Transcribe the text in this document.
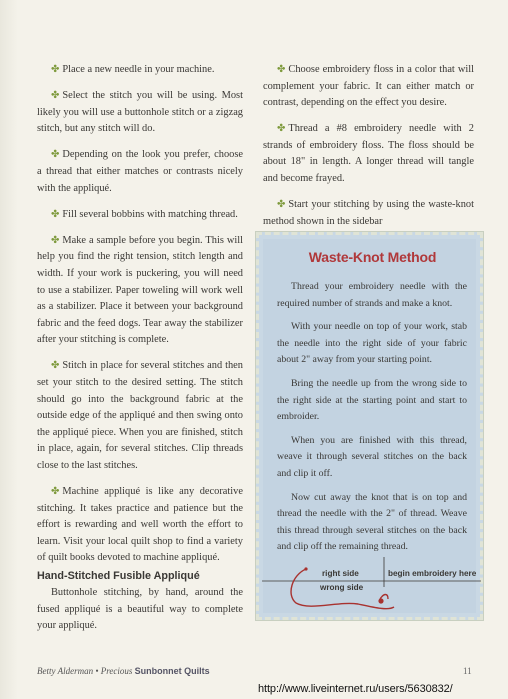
✤ Place a new needle in your machine.

✤ Select the stitch you will be using. Most likely you will use a buttonhole stitch or a zigzag stitch, but any stitch will do.

✤ Depending on the look you prefer, choose a thread that either matches or contrasts nicely with the appliqué.

✤ Fill several bobbins with matching thread.

✤ Make a sample before you begin. This will help you find the right tension, stitch length and width. If your work is puckering, you will need to use a stabilizer. Paper toweling will work well as a stabilizer. Place it between your background fabric and the feed dogs. Tear away the stabilizer after your stitching is complete.

✤ Stitch in place for several stitches and then set your stitch to the desired setting. The stitch should go into the background fabric at the outside edge of the appliqué and then swing onto the appliqué piece. When you are finished, stitch in place, again, for several stitches. Clip threads close to the last stitches.

✤ Machine appliqué is like any decorative stitching. It takes practice and patience but the effort is rewarding and well worth the effort to learn. Visit your local quilt shop to find a variety of quilt books devoted to machine appliqué.

Hand-Stitched Fusible Appliqué

Buttonhole stitching, by hand, around the fused appliqué is a beautiful way to complete your appliqué.

✤ Choose embroidery floss in a color that will complement your fabric. It can either match or contrast, depending on the effect you desire.

✤ Thread a #8 embroidery needle with 2 strands of embroidery floss. The floss should be about 18" in length. A longer thread will tangle and become frayed.

✤ Start your stitching by using the waste-knot method shown in the sidebar

Waste-Knot Method

Thread your embroidery needle with the required number of strands and make a knot.

With your needle on top of your work, stab the needle into the right side of your fabric about 2" away from your starting point.

Bring the needle up from the wrong side to the right side at the starting point and start to embroider.

When you are finished with this thread, weave it through several stitches on the back and clip it off.

Now cut away the knot that is on top and thread the needle with the 2" of thread. Weave this thread through several stitches on the back and clip off the remaining thread.

right side
wrong side
begin embroidery here
Betty Alderman • Precious Sunbonnet Quilts	11
http://www.liveinternet.ru/users/5630832/
